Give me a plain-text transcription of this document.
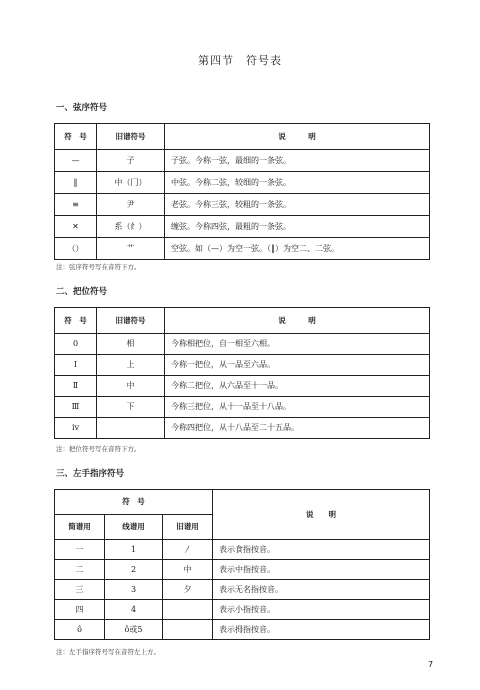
第四节　符号表
一、弦序符号
符　号	旧谱符号	说　　　明
—	子	子弦。今称一弦，最细的一条弦。
‖	中（冂）	中弦。今称二弦，较细的一条弦。
≡	尹	老弦。今称三弦，较粗的一条弦。
✕	系（纟）	缠弦。今称四弦，最粗的一条弦。
（）	艹	空弦。如（—）为空一弦。（‖）为空二、二弦。
注：弦序符号写在音符下方。
二、把位符号
符　号	旧谱符号	说　　　明
0	相	今称相把位，自一相至六相。
Ⅰ	上	今称一把位，从一品至六品。
Ⅱ	中	今称二把位，从六品至十一品。
Ⅲ	下	今称三把位，从十一品至十八品。
ⅳ		今称四把位，从十八品至二十五品。
注：把位符号写在音符下方。
三、左手指序符号
符　号			说　　明
简谱用	线谱用	旧谱用	
一	1	〳	表示食指按音。
二	2	中	表示中指按音。
三	3	夕	表示无名指按音。
四	4		表示小指按音。
ô	ô或5		表示拇指按音。
注：左手指序符号写在音符左上方。
7
